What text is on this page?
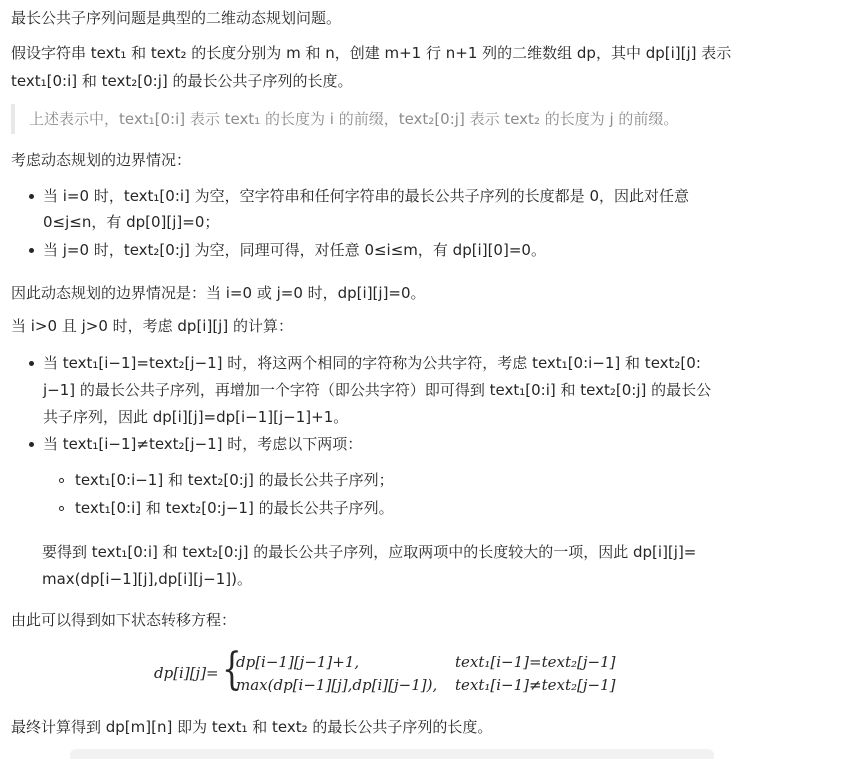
最长公共子序列问题是典型的二维动态规划问题。
假设字符串 text₁ 和 text₂ 的长度分别为 m 和 n，创建 m+1 行 n+1 列的二维数组 dp，其中 dp[i][j] 表示
text₁[0:i] 和 text₂[0:j] 的最长公共子序列的长度。
上述表示中，text₁[0:i] 表示 text₁ 的长度为 i 的前缀，text₂[0:j] 表示 text₂ 的长度为 j 的前缀。
考虑动态规划的边界情况：
当 i=0 时，text₁[0:i] 为空，空字符串和任何字符串的最长公共子序列的长度都是 0，因此对任意
0≤j≤n，有 dp[0][j]=0；
当 j=0 时，text₂[0:j] 为空，同理可得，对任意 0≤i≤m，有 dp[i][0]=0。
因此动态规划的边界情况是：当 i=0 或 j=0 时，dp[i][j]=0。
当 i>0 且 j>0 时，考虑 dp[i][j] 的计算：
当 text₁[i−1]=text₂[j−1] 时，将这两个相同的字符称为公共字符，考虑 text₁[0:i−1] 和 text₂[0:
j−1] 的最长公共子序列，再增加一个字符（即公共字符）即可得到 text₁[0:i] 和 text₂[0:j] 的最长公
共子序列，因此 dp[i][j]=dp[i−1][j−1]+1。
当 text₁[i−1]≠text₂[j−1] 时，考虑以下两项：
text₁[0:i−1] 和 text₂[0:j] 的最长公共子序列；
text₁[0:i] 和 text₂[0:j−1] 的最长公共子序列。
要得到 text₁[0:i] 和 text₂[0:j] 的最长公共子序列，应取两项中的长度较大的一项，因此 dp[i][j]=
max(dp[i−1][j],dp[i][j−1])。
由此可以得到如下状态转移方程：
dp[i][j]= {
dp[i−1][j−1]+1,	text₁[i−1]=text₂[j−1]
max(dp[i−1][j],dp[i][j−1]), text₁[i−1]≠text₂[j−1]
最终计算得到 dp[m][n] 即为 text₁ 和 text₂ 的最长公共子序列的长度。
